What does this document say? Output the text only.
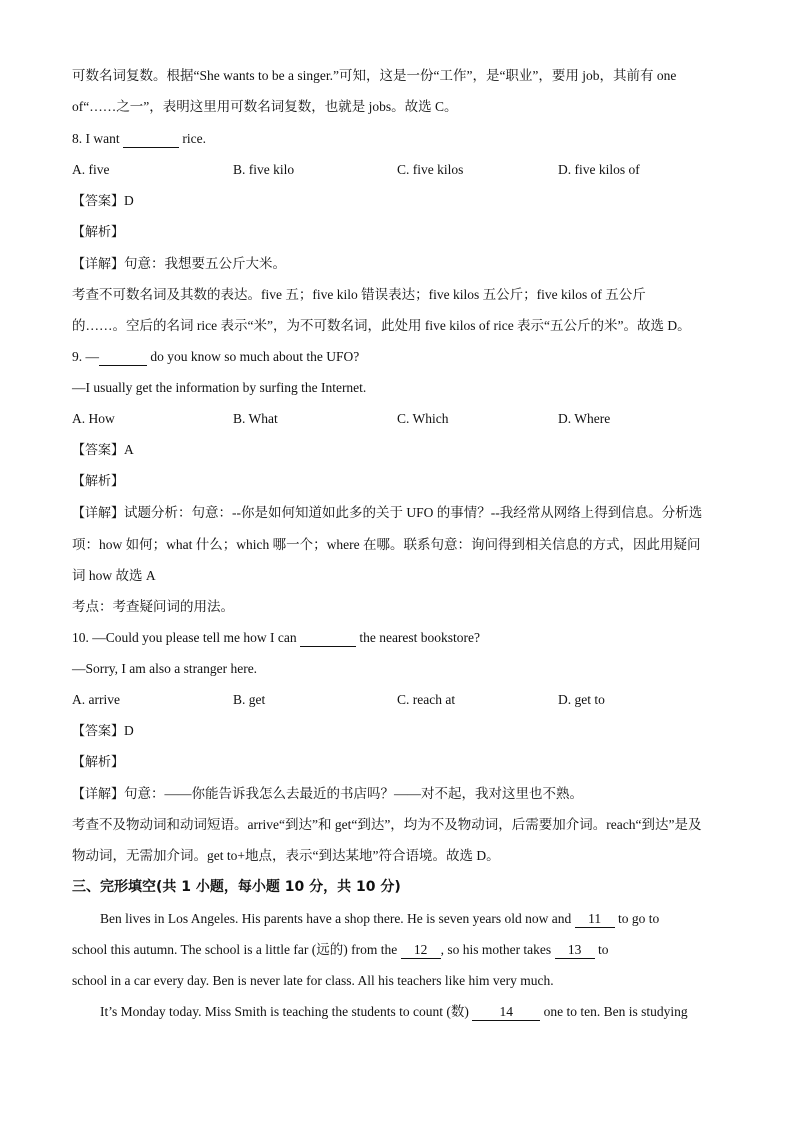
可数名词复数。根据“She wants to be a singer.”可知，这是一份“工作”，是“职业”，要用 job，其前有 one
of“……之一”，表明这里用可数名词复数，也就是 jobs。故选 C。
8. I want	rice.
A. five	B. five kilo	C. five kilos	D. five kilos of
【答案】D
【解析】
【详解】句意：我想要五公斤大米。
考查不可数名词及其数的表达。five 五；five kilo 错误表达；five kilos 五公斤；five kilos of 五公斤
的……。空后的名词 rice 表示“米”，为不可数名词，此处用 five kilos of rice 表示“五公斤的米”。故选 D。
9. —	do you know so much about the UFO?
—I usually get the information by surfing the Internet.
A. How	B. What	C. Which	D. Where
【答案】A
【解析】
【详解】试题分析：句意：--你是如何知道如此多的关于 UFO 的事情？--我经常从网络上得到信息。分析选
项：how 如何；what 什么；which 哪一个；where 在哪。联系句意：询问得到相关信息的方式，因此用疑问
词 how 故选 A
考点：考查疑问词的用法。
10. —Could you please tell me how I can	the nearest bookstore?
—Sorry, I am also a stranger here.
A. arrive	B. get	C. reach at	D. get to
【答案】D
【解析】
【详解】句意：——你能告诉我怎么去最近的书店吗？——对不起，我对这里也不熟。
考查不及物动词和动词短语。arrive“到达”和 get“到达”，均为不及物动词，后需要加介词。reach“到达”是及
物动词，无需加介词。get to+地点，表示“到达某地”符合语境。故选 D。
三、完形填空(共 1 小题，每小题 10 分，共 10 分)
Ben lives in Los Angeles. His parents have a shop there. He is seven years old now and 11 to go to
school this autumn. The school is a little far (远的) from the 12 , so his mother takes 13 to
school in a car every day. Ben is never late for class. All his teachers like him very much.
It’s Monday today. Miss Smith is teaching the students to count (数) 14 one to ten. Ben is studying
